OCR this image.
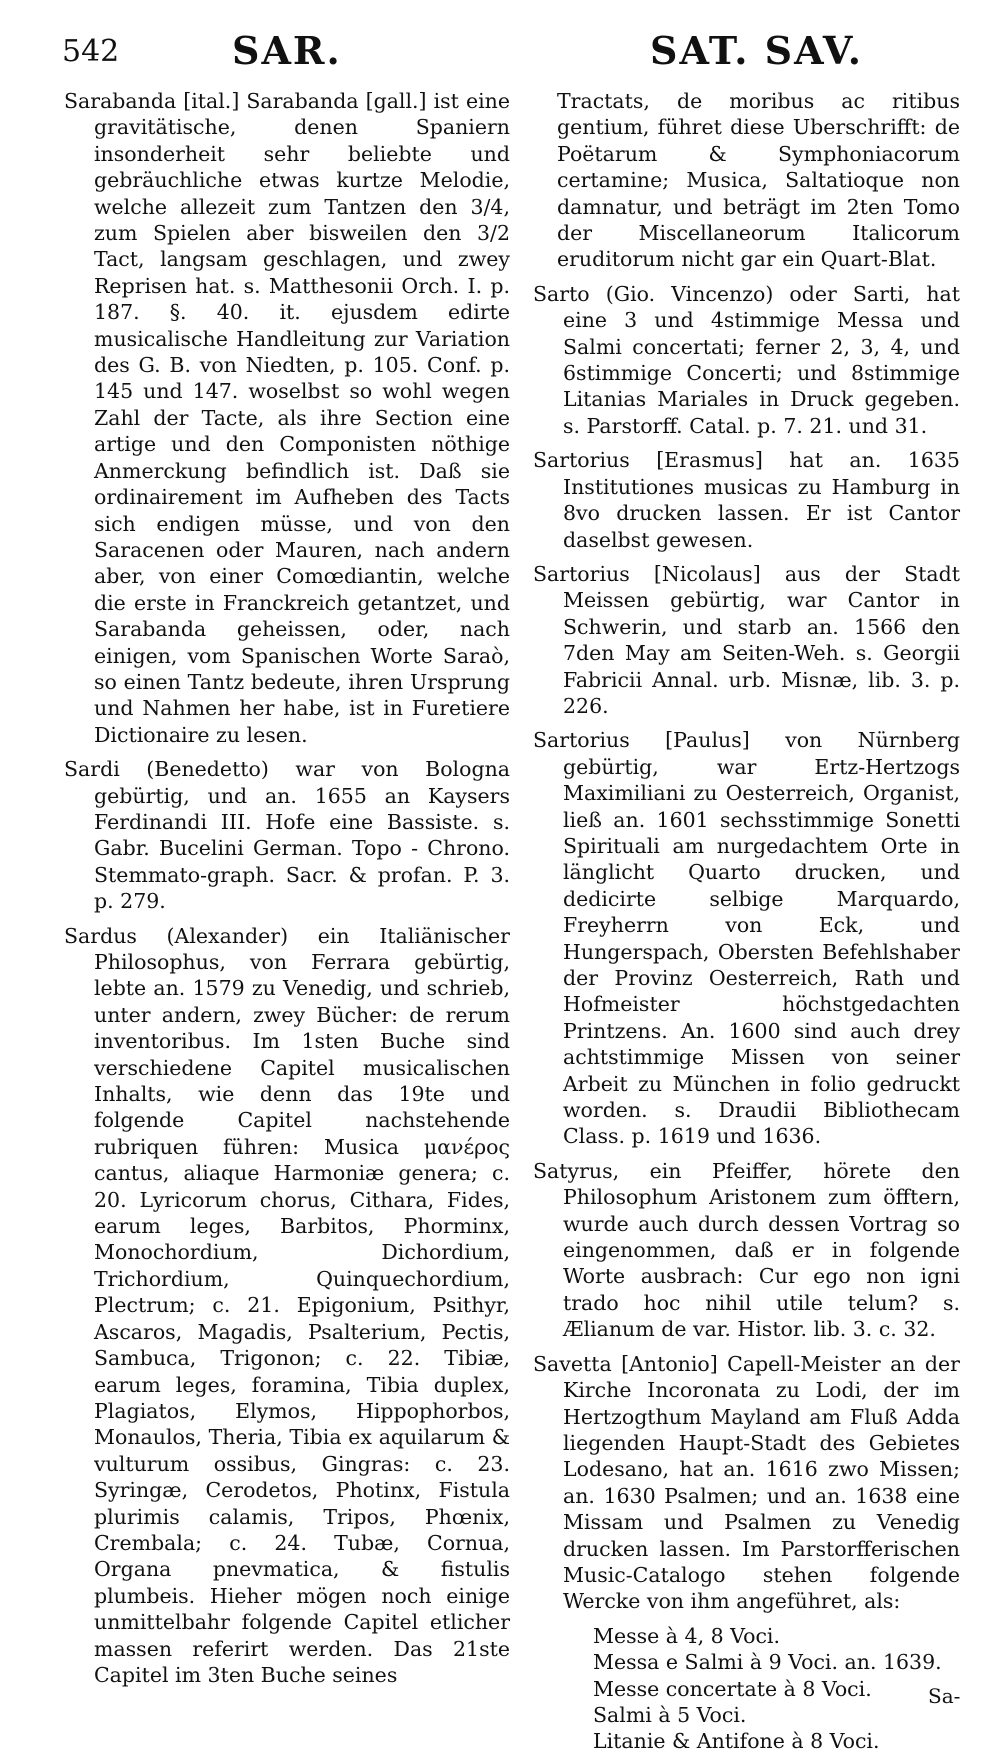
542	SAR.	SAT. SAV.

Sarabanda [ital.] Sarabanda [gall.] ist eine gravitätische, denen Spaniern insonderheit sehr beliebte und gebräuchliche etwas kurtze Melodie, welche allezeit zum Tantzen den 3/4, zum Spielen aber bisweilen den 3/2 Tact, langsam geschlagen, und zwey Reprisen hat. s. Matthesonii Orch. I. p. 187. §. 40. it. ejusdem edirte musicalische Handleitung zur Variation des G. B. von Niedten, p. 105. Conf. p. 145 und 147. woselbst so wohl wegen Zahl der Tacte, als ihre Section eine artige und den Componisten nöthige Anmerckung befindlich ist. Daß sie ordinairement im Aufheben des Tacts sich endigen müsse, und von den Saracenen oder Mauren, nach andern aber, von einer Comœdiantin, welche die erste in Franckreich getantzet, und Sarabanda geheissen, oder, nach einigen, vom Spanischen Worte Saraò, so einen Tantz bedeute, ihren Ursprung und Nahmen her habe, ist in Furetiere Dictionaire zu lesen.

Sardi (Benedetto) war von Bologna gebürtig, und an. 1655 an Kaysers Ferdinandi III. Hofe eine Bassiste. s. Gabr. Bucelini German. Topo - Chrono. Stemmato-graph. Sacr. & profan. P. 3. p. 279.

Sardus (Alexander) ein Italiänischer Philosophus, von Ferrara gebürtig, lebte an. 1579 zu Venedig, und schrieb, unter andern, zwey Bücher: de rerum inventoribus. Im 1sten Buche sind verschiedene Capitel musicalischen Inhalts, wie denn das 19te und folgende Capitel nachstehende rubriquen führen: Musica μανέρος cantus, aliaque Harmoniæ genera; c. 20. Lyricorum chorus, Cithara, Fides, earum leges, Barbitos, Phorminx, Monochordium, Dichordium, Trichordium, Quinquechordium, Plectrum; c. 21. Epigonium, Psithyr, Ascaros, Magadis, Psalterium, Pectis, Sambuca, Trigonon; c. 22. Tibiæ, earum leges, foramina, Tibia duplex, Plagiatos, Elymos, Hippophorbos, Monaulos, Theria, Tibia ex aquilarum & vulturum ossibus, Gingras: c. 23. Syringæ, Cerodetos, Photinx, Fistula plurimis calamis, Tripos, Phœnix, Crembala; c. 24. Tubæ, Cornua, Organa pnevmatica, & fistulis plumbeis. Hieher mögen noch einige unmittelbahr folgende Capitel etlicher massen referirt werden. Das 21ste Capitel im 3ten Buche seines

Tractats, de moribus ac ritibus gentium, führet diese Uberschrifft: de Poëtarum & Symphoniacorum certamine; Musica, Saltatioque non damnatur, und beträgt im 2ten Tomo der Miscellaneorum Italicorum eruditorum nicht gar ein Quart-Blat.

Sarto (Gio. Vincenzo) oder Sarti, hat eine 3 und 4stimmige Messa und Salmi concertati; ferner 2, 3, 4, und 6stimmige Concerti; und 8stimmige Litanias Mariales in Druck gegeben. s. Parstorff. Catal. p. 7. 21. und 31.

Sartorius [Erasmus] hat an. 1635 Institutiones musicas zu Hamburg in 8vo drucken lassen. Er ist Cantor daselbst gewesen.

Sartorius [Nicolaus] aus der Stadt Meissen gebürtig, war Cantor in Schwerin, und starb an. 1566 den 7den May am Seiten-Weh. s. Georgii Fabricii Annal. urb. Misnæ, lib. 3. p. 226.

Sartorius [Paulus] von Nürnberg gebürtig, war Ertz-Hertzogs Maximiliani zu Oesterreich, Organist, ließ an. 1601 sechsstimmige Sonetti Spirituali am nurgedachtem Orte in länglicht Quarto drucken, und dedicirte selbige Marquardo, Freyherrn von Eck, und Hungerspach, Obersten Befehlshaber der Provinz Oesterreich, Rath und Hofmeister höchstgedachten Printzens. An. 1600 sind auch drey achtstimmige Missen von seiner Arbeit zu München in folio gedruckt worden. s. Draudii Bibliothecam Class. p. 1619 und 1636.

Satyrus, ein Pfeiffer, hörete den Philosophum Aristonem zum öfftern, wurde auch durch dessen Vortrag so eingenommen, daß er in folgende Worte ausbrach: Cur ego non igni trado hoc nihil utile telum? s. Ælianum de var. Histor. lib. 3. c. 32.

Savetta [Antonio] Capell-Meister an der Kirche Incoronata zu Lodi, der im Hertzogthum Mayland am Fluß Adda liegenden Haupt-Stadt des Gebietes Lodesano, hat an. 1616 zwo Missen; an. 1630 Psalmen; und an. 1638 eine Missam und Psalmen zu Venedig drucken lassen. Im Parstorfferischen Music-Catalogo stehen folgende Wercke von ihm angeführet, als:

Messe à 4, 8 Voci.
Messa e Salmi à 9 Voci. an. 1639.
Messe concertate à 8 Voci.
Salmi à 5 Voci.
Litanie & Antifone à 8 Voci.
Sa-
